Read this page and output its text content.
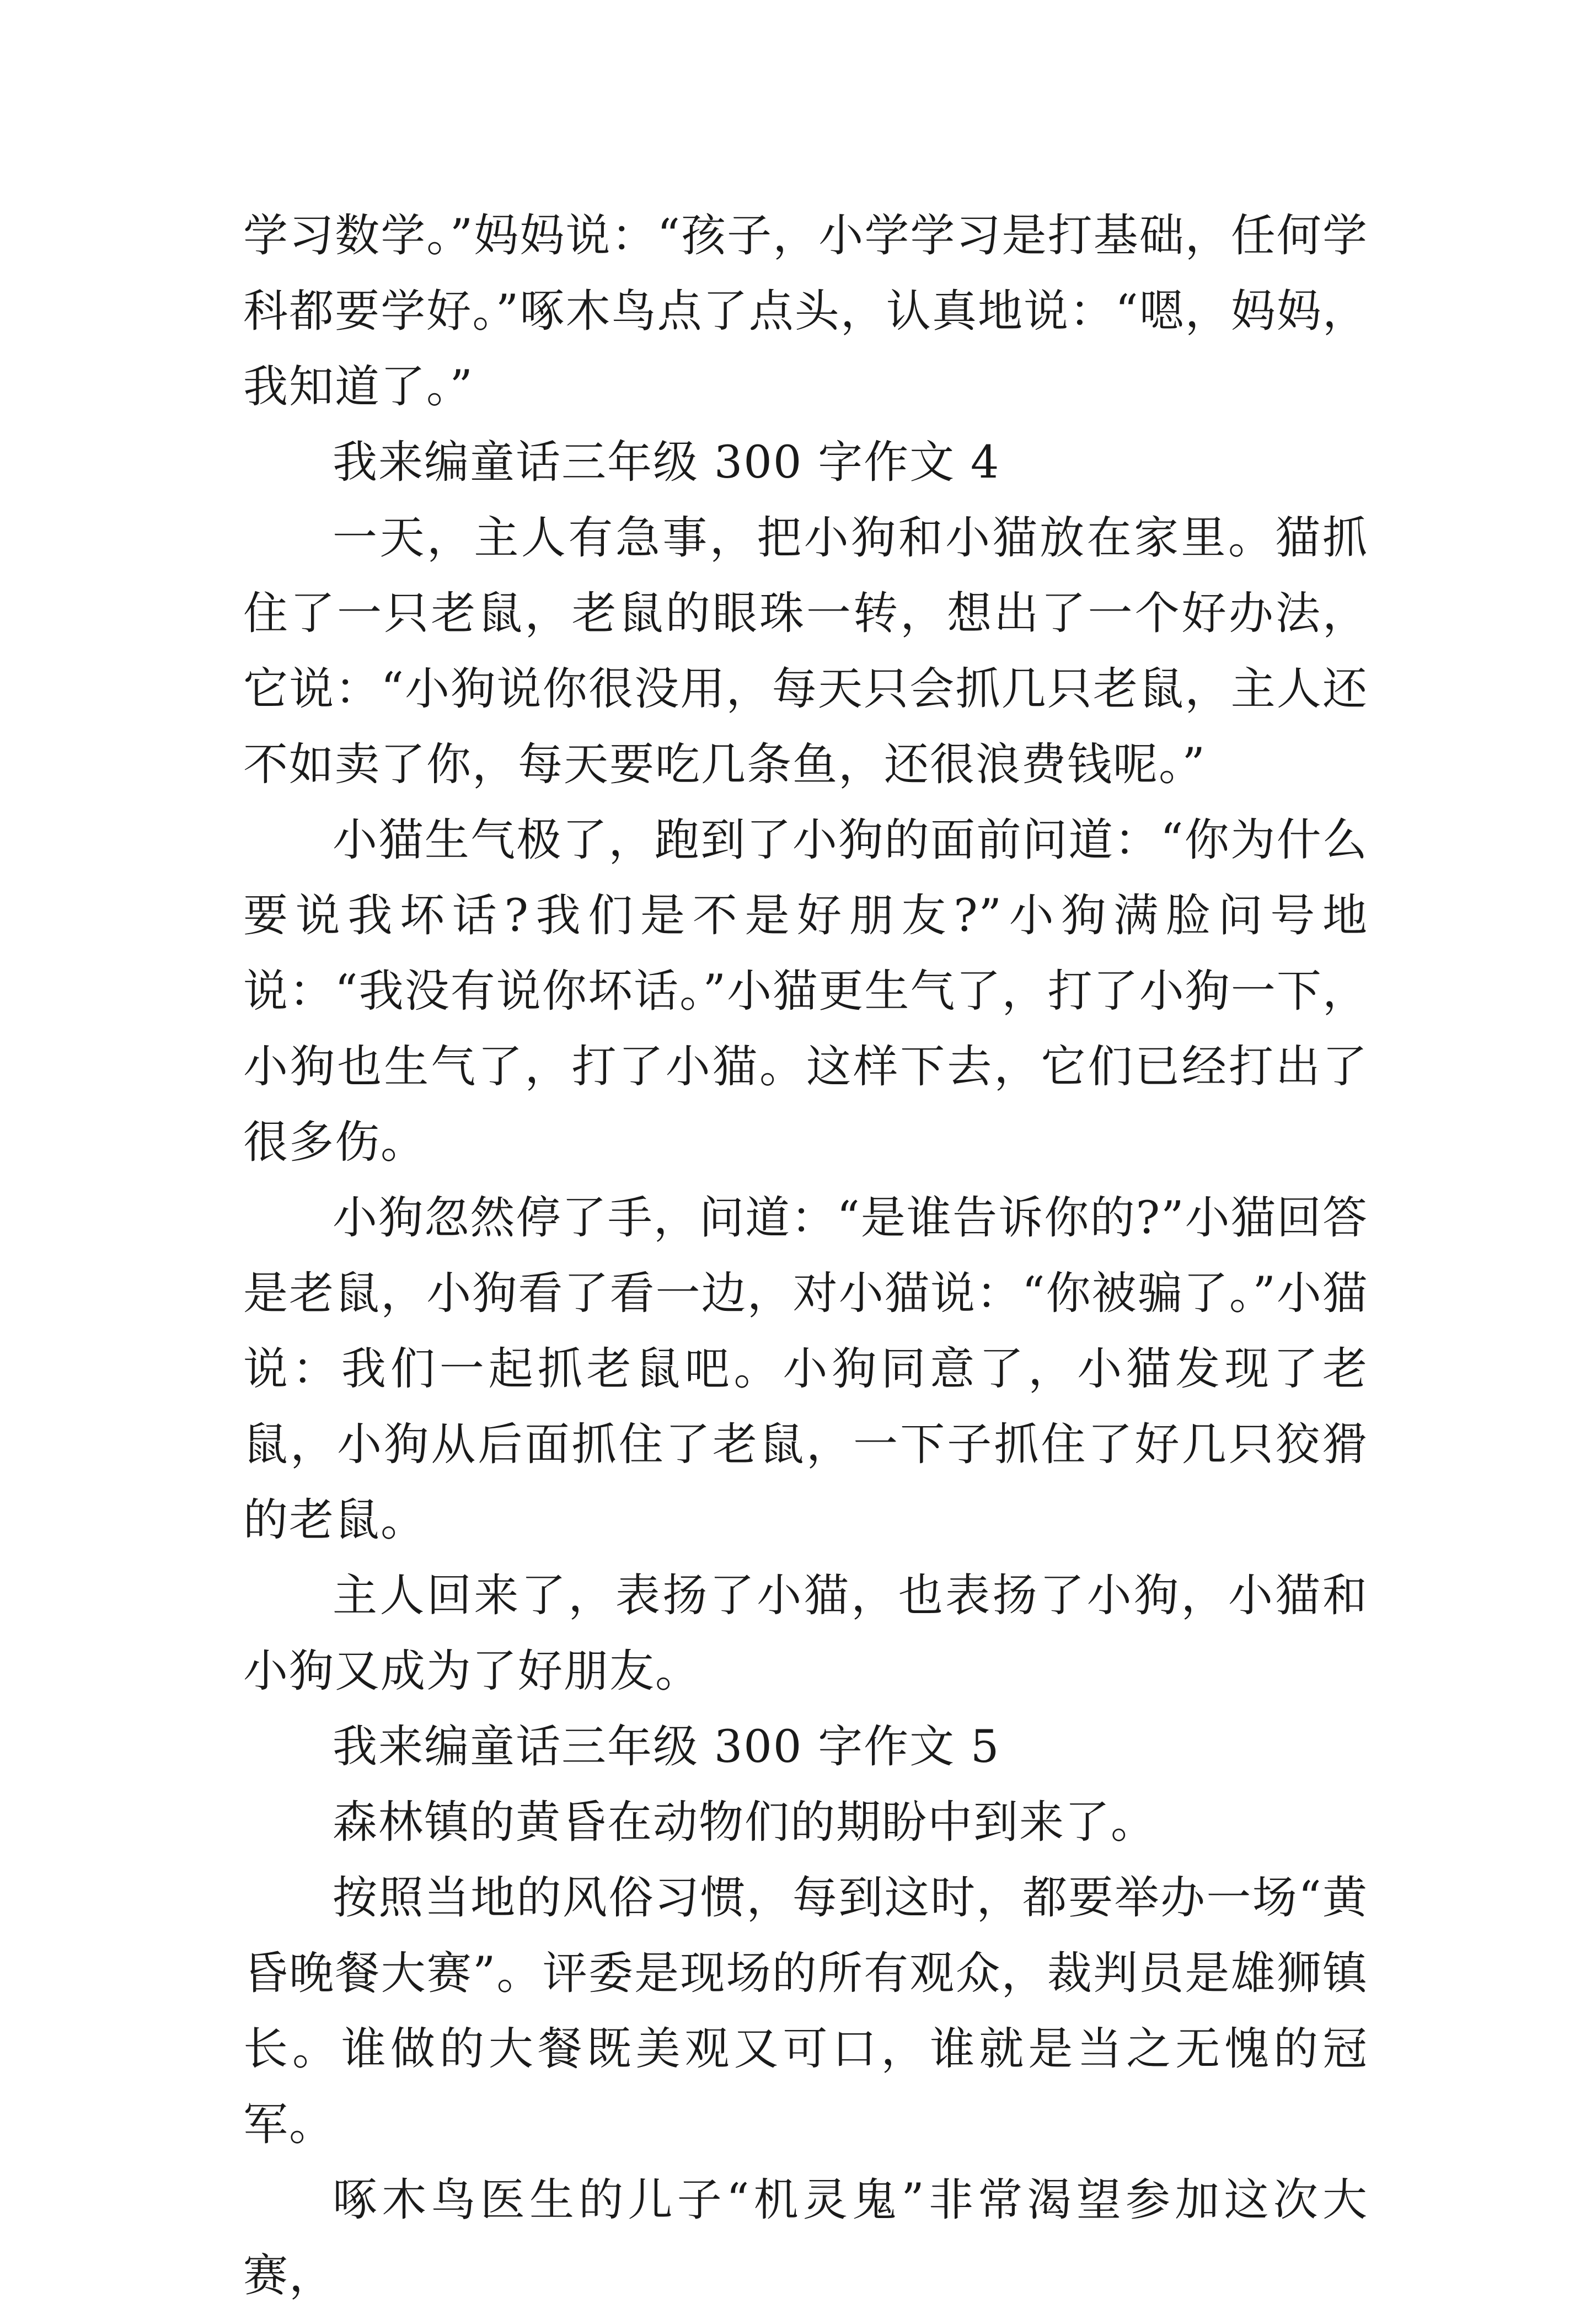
学习数学。”妈妈说：“孩子，小学学习是打基础，任何学科都要学好。”啄木鸟点了点头，认真地说：“嗯，妈妈，我知道了。”

我来编童话三年级 300 字作文 4

一天，主人有急事，把小狗和小猫放在家里。猫抓住了一只老鼠，老鼠的眼珠一转，想出了一个好办法，它说：“小狗说你很没用，每天只会抓几只老鼠，主人还不如卖了你，每天要吃几条鱼，还很浪费钱呢。”

小猫生气极了，跑到了小狗的面前问道：“你为什么要说我坏话?我们是不是好朋友?”小狗满脸问号地说：“我没有说你坏话。”小猫更生气了，打了小狗一下，小狗也生气了，打了小猫。这样下去，它们已经打出了很多伤。

小狗忽然停了手，问道：“是谁告诉你的?”小猫回答是老鼠，小狗看了看一边，对小猫说：“你被骗了。”小猫说：我们一起抓老鼠吧。小狗同意了，小猫发现了老鼠，小狗从后面抓住了老鼠，一下子抓住了好几只狡猾的老鼠。

主人回来了，表扬了小猫，也表扬了小狗，小猫和小狗又成为了好朋友。

我来编童话三年级 300 字作文 5

森林镇的黄昏在动物们的期盼中到来了。

按照当地的风俗习惯，每到这时，都要举办一场“黄昏晚餐大赛”。评委是现场的所有观众，裁判员是雄狮镇长。谁做的大餐既美观又可口，谁就是当之无愧的冠军。

啄木鸟医生的儿子“机灵鬼”非常渴望参加这次大赛，
